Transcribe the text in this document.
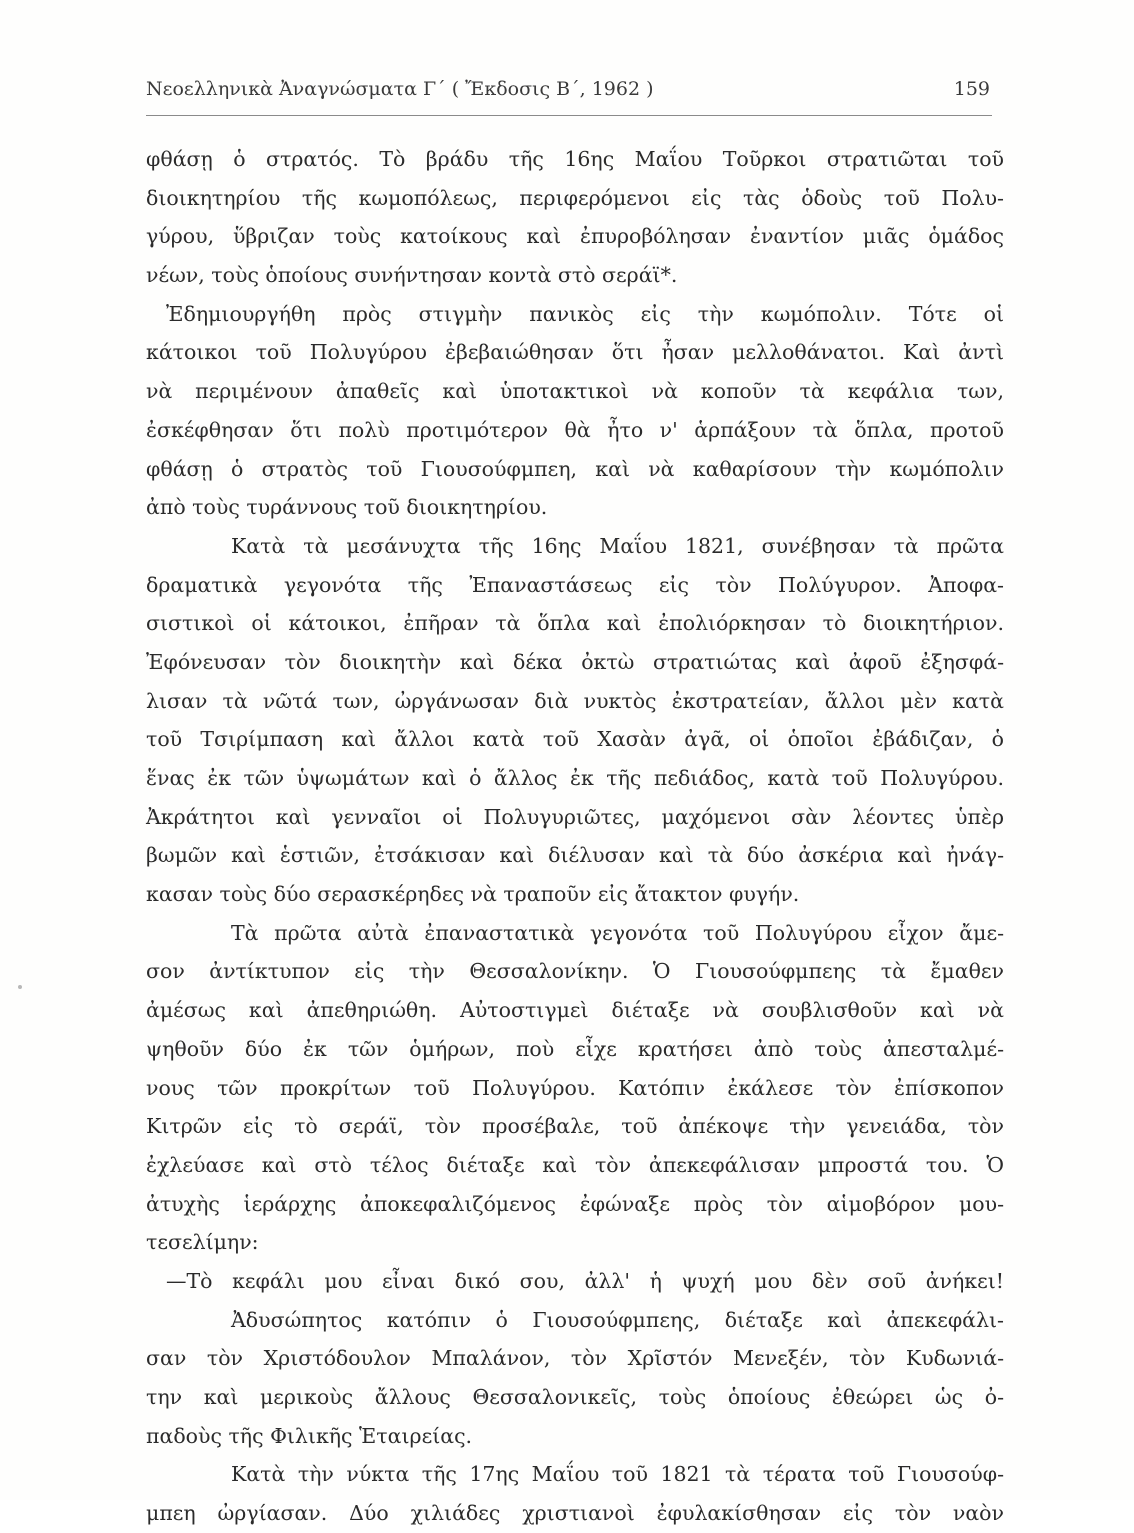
Νεοελληνικὰ Ἀναγνώσματα Γ΄ ( Ἔκδοσις Β΄, 1962 )	159
φθάσῃ ὁ στρατός. Τὸ βράδυ τῆς 16ης Μαΐου Τοῦρκοι στρατιῶται τοῦ
διοικητηρίου τῆς κωμοπόλεως, περιφερόμενοι εἰς τὰς ὁδοὺς τοῦ Πολυ-
γύρου, ὕβριζαν τοὺς κατοίκους καὶ ἐπυροβόλησαν ἐναντίον μιᾶς ὁμάδος
νέων, τοὺς ὁποίους συνήντησαν κοντὰ στὸ σεράϊ*.
Ἐδημιουργήθη πρὸς στιγμὴν πανικὸς εἰς τὴν κωμόπολιν. Τότε οἱ
κάτοικοι τοῦ Πολυγύρου ἐβεβαιώθησαν ὅτι ἦσαν μελλοθάνατοι. Καὶ ἀντὶ
νὰ περιμένουν ἀπαθεῖς καὶ ὑποτακτικοὶ νὰ κοποῦν τὰ κεφάλια των,
ἐσκέφθησαν ὅτι πολὺ προτιμότερον θὰ ἦτο ν' ἁρπάξουν τὰ ὅπλα, προτοῦ
φθάσῃ ὁ στρατὸς τοῦ Γιουσούφμπεη, καὶ νὰ καθαρίσουν τὴν κωμόπολιν
ἀπὸ τοὺς τυράννους τοῦ διοικητηρίου.
Κατὰ τὰ μεσάνυχτα τῆς 16ης Μαΐου 1821, συνέβησαν τὰ πρῶτα
δραματικὰ γεγονότα τῆς Ἐπαναστάσεως εἰς τὸν Πολύγυρον. Ἀποφα-
σιστικοὶ οἱ κάτοικοι, ἐπῆραν τὰ ὅπλα καὶ ἐπολιόρκησαν τὸ διοικητήριον.
Ἐφόνευσαν τὸν διοικητὴν καὶ δέκα ὀκτὼ στρατιώτας καὶ ἀφοῦ ἐξησφά-
λισαν τὰ νῶτά των, ὠργάνωσαν διὰ νυκτὸς ἐκστρατείαν, ἄλλοι μὲν κατὰ
τοῦ Τσιρίμπαση καὶ ἄλλοι κατὰ τοῦ Χασὰν ἀγᾶ, οἱ ὁποῖοι ἐβάδιζαν, ὁ
ἕνας ἐκ τῶν ὑψωμάτων καὶ ὁ ἄλλος ἐκ τῆς πεδιάδος, κατὰ τοῦ Πολυγύρου.
Ἀκράτητοι καὶ γενναῖοι οἱ Πολυγυριῶτες, μαχόμενοι σὰν λέοντες ὑπὲρ
βωμῶν καὶ ἑστιῶν, ἐτσάκισαν καὶ διέλυσαν καὶ τὰ δύο ἀσκέρια καὶ ἠνάγ-
κασαν τοὺς δύο σερασκέρηδες νὰ τραποῦν εἰς ἄτακτον φυγήν.
Τὰ πρῶτα αὐτὰ ἐπαναστατικὰ γεγονότα τοῦ Πολυγύρου εἶχον ἄμε-
σον ἀντίκτυπον εἰς τὴν Θεσσαλονίκην. Ὁ Γιουσούφμπεης τὰ ἔμαθεν
ἀμέσως καὶ ἀπεθηριώθη. Αὐτοστιγμεὶ διέταξε νὰ σουβλισθοῦν καὶ νὰ
ψηθοῦν δύο ἐκ τῶν ὁμήρων, ποὺ εἶχε κρατήσει ἀπὸ τοὺς ἀπεσταλμέ-
νους τῶν προκρίτων τοῦ Πολυγύρου. Κατόπιν ἐκάλεσε τὸν ἐπίσκοπον
Κιτρῶν εἰς τὸ σεράϊ, τὸν προσέβαλε, τοῦ ἀπέκοψε τὴν γενειάδα, τὸν
ἐχλεύασε καὶ στὸ τέλος διέταξε καὶ τὸν ἀπεκεφάλισαν μπροστά του. Ὁ
ἀτυχὴς ἱεράρχης ἀποκεφαλιζόμενος ἐφώναξε πρὸς τὸν αἱμοβόρον μου-
τεσελίμην:
—Τὸ κεφάλι μου εἶναι δικό σου, ἀλλ' ἡ ψυχή μου δὲν σοῦ ἀνήκει!
Ἀδυσώπητος κατόπιν ὁ Γιουσούφμπεης, διέταξε καὶ ἀπεκεφάλι-
σαν τὸν Χριστόδουλον Μπαλάνον, τὸν Χρῖστόν Μενεξέν, τὸν Κυδωνιά-
την καὶ μερικοὺς ἄλλους Θεσσαλονικεῖς, τοὺς ὁποίους ἐθεώρει ὡς ὀ-
παδοὺς τῆς Φιλικῆς Ἑταιρείας.
Κατὰ τὴν νύκτα τῆς 17ης Μαΐου τοῦ 1821 τὰ τέρατα τοῦ Γιουσούφ-
μπεη ὠργίασαν. Δύο χιλιάδες χριστιανοὶ ἐφυλακίσθησαν εἰς τὸν ναὸν
